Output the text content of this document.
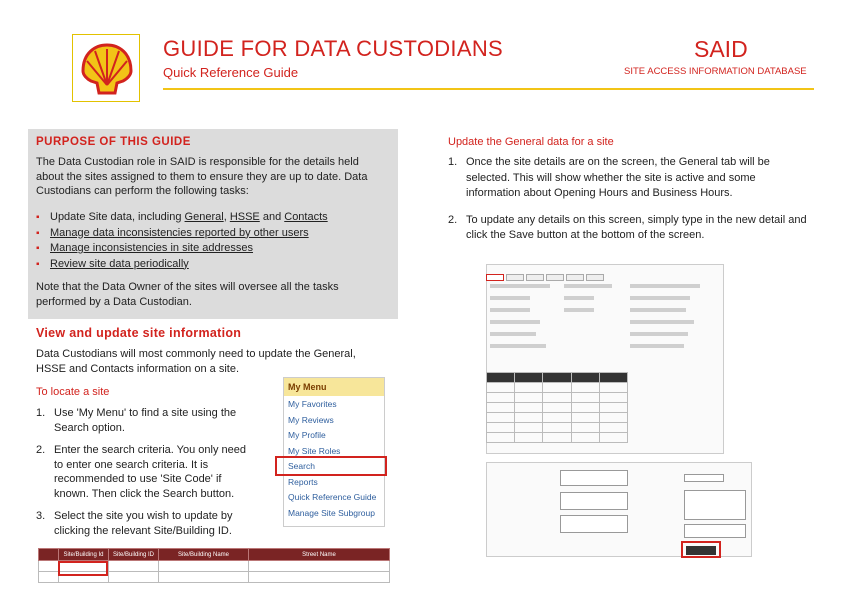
GUIDE FOR DATA CUSTODIANS
Quick Reference Guide
SAID
SITE ACCESS INFORMATION DATABASE
PURPOSE OF THIS GUIDE
The Data Custodian role in SAID is responsible for the details held about the sites assigned to them to ensure they are up to date. Data Custodians can perform the following tasks:
▪ Update Site data, including General, HSSE and Contacts
▪ Manage data inconsistencies reported by other users
▪ Manage inconsistencies in site addresses
▪ Review site data periodically
Note that the Data Owner of the sites will oversee all the tasks performed by a Data Custodian.
View and update site information
Data Custodians will most commonly need to update the General, HSSE and Contacts information on a site.
To locate a site
1. Use 'My Menu' to find a site using the Search option.
2. Enter the search criteria. You only need to enter one search criteria. It is recommended to use 'Site Code' if known. Then click the Search button.
3. Select the site you wish to update by clicking the relevant Site/Building ID.
My Menu
My Favorites
My Reviews
My Profile
My Site Roles
Search
Reports
Quick Reference Guide
Manage Site Subgroup
	Site/Building Id	Site/Building ID	Site/Building Name	Street Name

Update the General data for a site
1. Once the site details are on the screen, the General tab will be selected. This will show whether the site is active and some information about Opening Hours and Business Hours.
2. To update any details on this screen, simply type in the new detail and click the Save button at the bottom of the screen.
